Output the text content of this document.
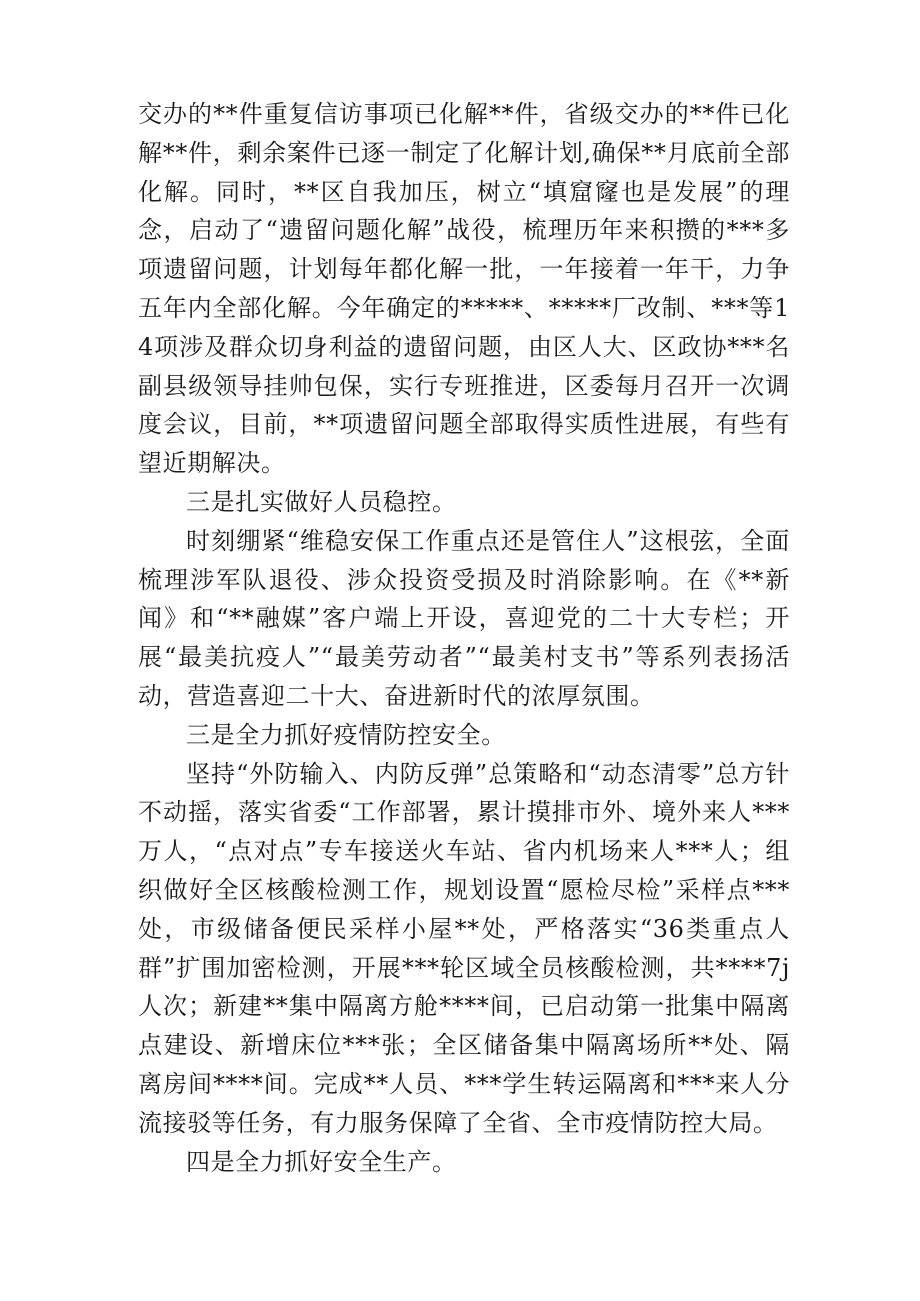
交办的**件重复信访事项已化解**件，省级交办的**件已化解**件，剩余案件已逐一制定了化解计划,确保**月底前全部化解。同时，**区自我加压，树立“填窟窿也是发展”的理念，启动了“遗留问题化解”战役，梳理历年来积攒的***多项遗留问题，计划每年都化解一批，一年接着一年干，力争五年内全部化解。今年确定的*****、*****厂改制、***等14项涉及群众切身利益的遗留问题，由区人大、区政协***名副县级领导挂帅包保，实行专班推进，区委每月召开一次调度会议，目前，**项遗留问题全部取得实质性进展，有些有望近期解决。

三是扎实做好人员稳控。

时刻绷紧“维稳安保工作重点还是管住人”这根弦，全面梳理涉军队退役、涉众投资受损及时消除影响。在《**新闻》和“**融媒”客户端上开设，喜迎党的二十大专栏；开展“最美抗疫人”“最美劳动者”“最美村支书”等系列表扬活动，营造喜迎二十大、奋进新时代的浓厚氛围。

三是全力抓好疫情防控安全。

坚持“外防输入、内防反弹”总策略和“动态清零”总方针不动摇，落实省委“工作部署，累计摸排市外、境外来人***万人，“点对点”专车接送火车站、省内机场来人***人；组织做好全区核酸检测工作，规划设置“愿检尽检”采样点***处，市级储备便民采样小屋**处，严格落实“36类重点人群”扩围加密检测，开展***轮区域全员核酸检测，共****7j人次；新建**集中隔离方舱****间，已启动第一批集中隔离点建设、新增床位***张；全区储备集中隔离场所**处、隔离房间****间。完成**人员、***学生转运隔离和***来人分流接驳等任务，有力服务保障了全省、全市疫情防控大局。

四是全力抓好安全生产。
